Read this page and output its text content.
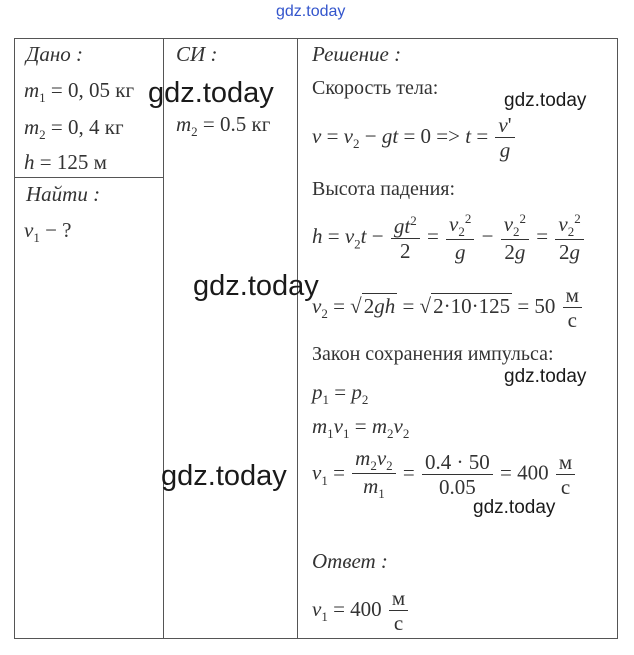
gdz.today
Дано :
$m_1 = 0$, 05 кг
$m_2 = 0$, 4 кг
h = 125 м
Найти :
$v_1$ − ?
СИ :
$m_2 = 0.5$ кг
Решение :
Скорость тела:
$v = v_2$ − gt = $0 => t = \frac{v'}{g}$
Высота падения:
$h = v_2t - \frac{gt^2}{2} = \frac{v_2^2}{g} - \frac{v_2^2}{2g} = \frac{v_2^2}{2g}$
$v_2 = √2gh = √2\cdot 10\cdot 125 = 50 \frac{м}{с}$
Закон сохранения импульса:
$p_1 = p_2$
$m_1v_1 = m_2v_2$
$v_1 = \frac{m_2v_2}{m_1} = \frac{0.4 \cdot 50}{0.05} = 400 \frac{м}{с}$
Ответ :
$v_1 = 400 \frac{м}{с}$
gdz.today	gdz.today
gdz.today
gdz.today
gdz.today
gdz.today
